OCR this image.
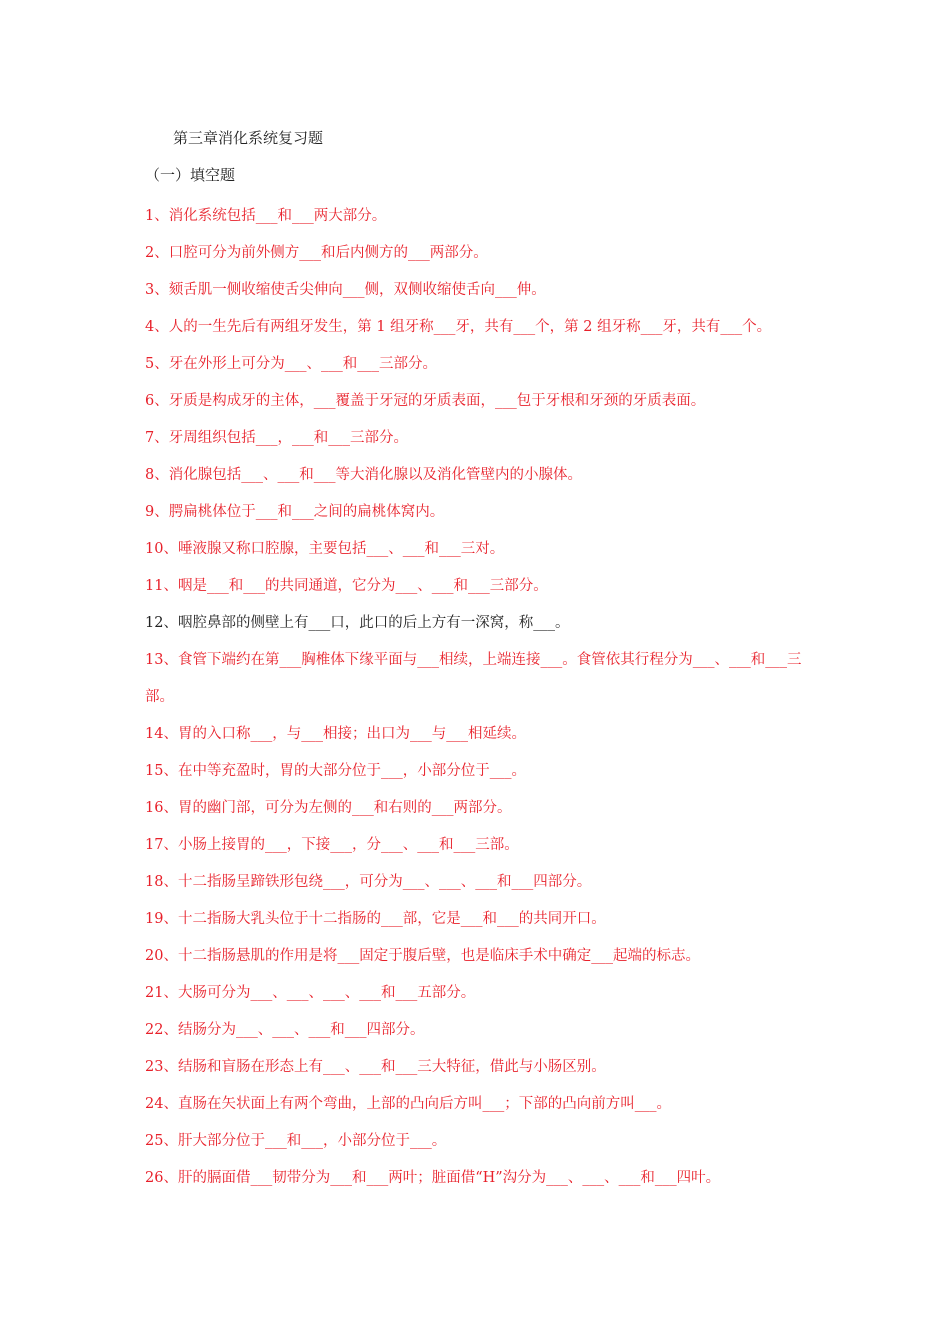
第三章消化系统复习题
（一）填空题
1、消化系统包括___和___两大部分。
2、口腔可分为前外侧方___和后内侧方的___两部分。
3、颏舌肌一侧收缩使舌尖伸向___侧，双侧收缩使舌向___伸。
4、人的一生先后有两组牙发生，第 1 组牙称___牙，共有___个，第 2 组牙称___牙，共有___个。
5、牙在外形上可分为___、___和___三部分。
6、牙质是构成牙的主体，___覆盖于牙冠的牙质表面，___包于牙根和牙颈的牙质表面。
7、牙周组织包括___，___和___三部分。
8、消化腺包括___、___和___等大消化腺以及消化管壁内的小腺体。
9、腭扁桃体位于___和___之间的扁桃体窝内。
10、唾液腺又称口腔腺，主要包括___、___和___三对。
11、咽是___和___的共同通道，它分为___、___和___三部分。
12、咽腔鼻部的侧壁上有___口，此口的后上方有一深窝，称___。
13、食管下端约在第___胸椎体下缘平面与___相续，上端连接___。食管依其行程分为___、___和___三部。
14、胃的入口称___，与___相接；出口为___与___相延续。
15、在中等充盈时，胃的大部分位于___，小部分位于___。
16、胃的幽门部，可分为左侧的___和右则的___两部分。
17、小肠上接胃的___，下接___，分___、___和___三部。
18、十二指肠呈蹄铁形包绕___，可分为___、___、___和___四部分。
19、十二指肠大乳头位于十二指肠的___部，它是___和___的共同开口。
20、十二指肠悬肌的作用是将___固定于腹后壁，也是临床手术中确定___起端的标志。
21、大肠可分为___、___、___、___和___五部分。
22、结肠分为___、___、___和___四部分。
23、结肠和盲肠在形态上有___、___和___三大特征，借此与小肠区别。
24、直肠在矢状面上有两个弯曲，上部的凸向后方叫___；下部的凸向前方叫___。
25、肝大部分位于___和___，小部分位于___。
26、肝的膈面借___韧带分为___和___两叶；脏面借“H”沟分为___、___、___和___四叶。
